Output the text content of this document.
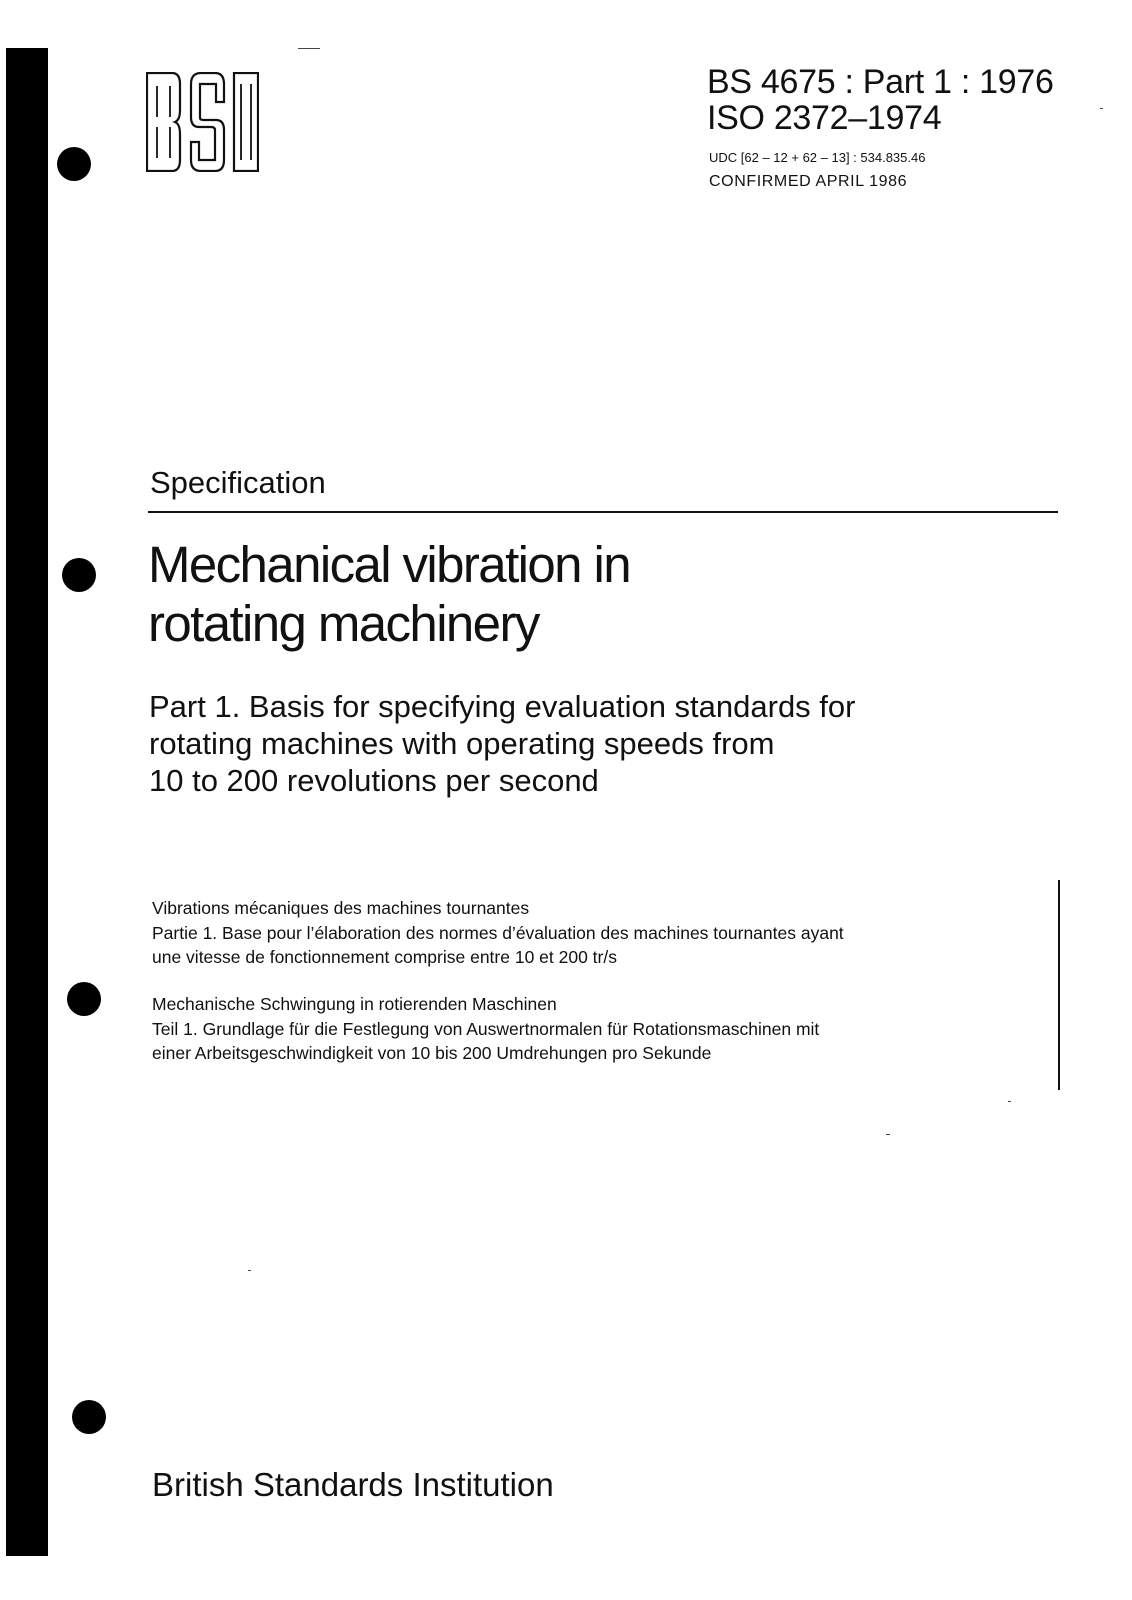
BS 4675 : Part 1 : 1976
ISO 2372–1974
UDC [62 – 12 + 62 – 13] : 534.835.46
CONFIRMED APRIL 1986
Specification
Mechanical vibration in
rotating machinery
Part 1. Basis for specifying evaluation standards for
rotating machines with operating speeds from
10 to 200 revolutions per second
Vibrations mécaniques des machines tournantes
Partie 1. Base pour l’élaboration des normes d’évaluation des machines tournantes ayant
une vitesse de fonctionnement comprise entre 10 et 200 tr/s
Mechanische Schwingung in rotierenden Maschinen
Teil 1. Grundlage für die Festlegung von Auswertnormalen für Rotationsmaschinen mit
einer Arbeitsgeschwindigkeit von 10 bis 200 Umdrehungen pro Sekunde
British Standards Institution
